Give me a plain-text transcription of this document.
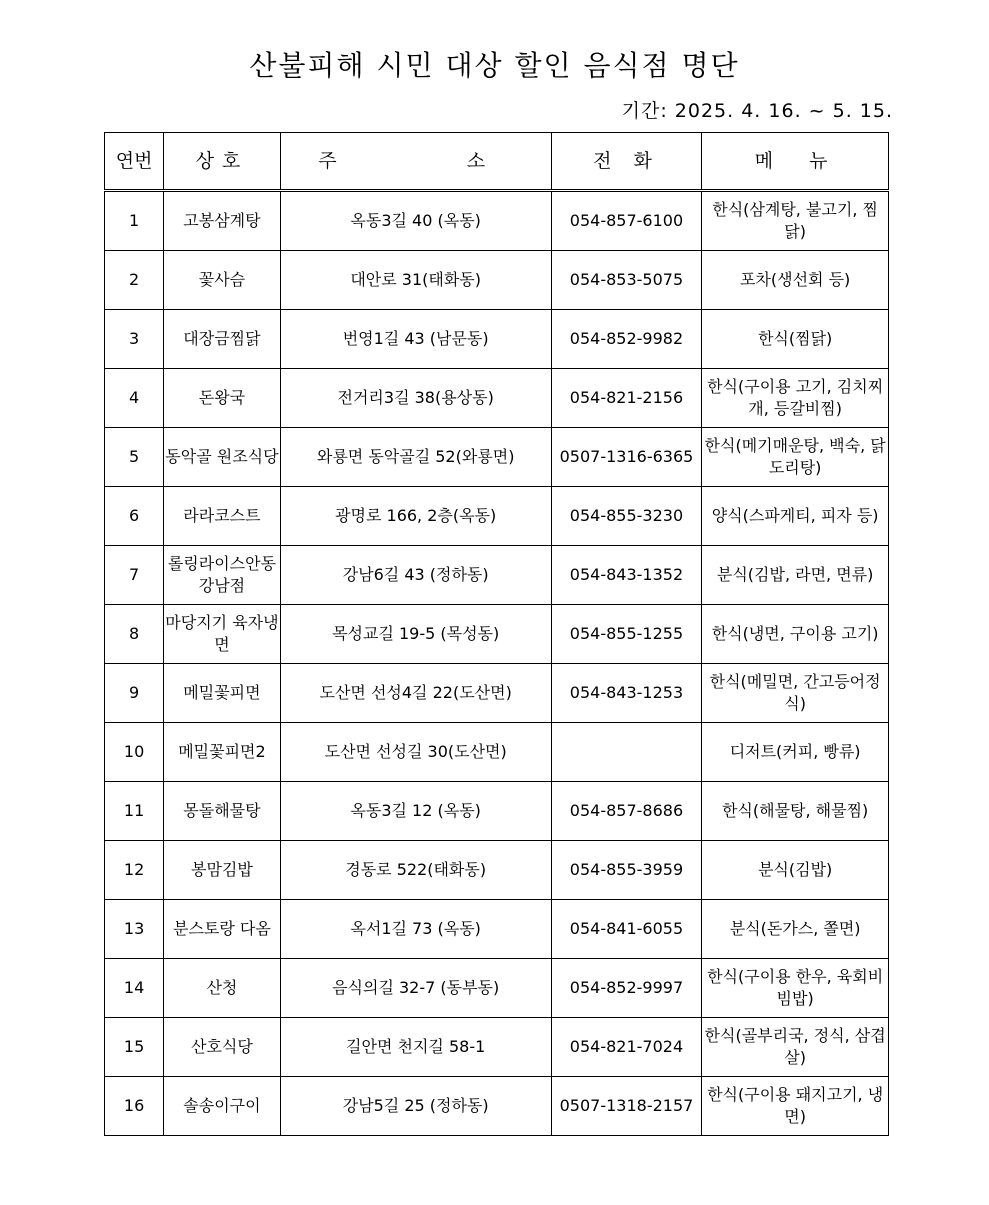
산불피해 시민 대상 할인 음식점 명단
기간: 2025. 4. 16. ~ 5. 15.
연번	상호	주   소	전 화	메  뉴
1	고봉삼계탕	옥동3길 40 (옥동)	054-857-6100	한식(삼계탕, 불고기, 찜닭)
2	꽃사슴	대안로 31(태화동)	054-853-5075	포차(생선회 등)
3	대장금찜닭	번영1길 43 (남문동)	054-852-9982	한식(찜닭)
4	돈왕국	전거리3길 38(용상동)	054-821-2156	한식(구이용 고기, 김치찌개, 등갈비찜)
5	동악골 원조식당	와룡면 동악골길 52(와룡면)	0507-1316-6365	한식(메기매운탕, 백숙, 닭도리탕)
6	라라코스트	광명로 166, 2층(옥동)	054-855-3230	양식(스파게티, 피자 등)
7	롤링라이스안동강남점	강남6길 43 (정하동)	054-843-1352	분식(김밥, 라면, 면류)
8	마당지기 육자냉면	목성교길 19-5 (목성동)	054-855-1255	한식(냉면, 구이용 고기)
9	메밀꽃피면	도산면 선성4길 22(도산면)	054-843-1253	한식(메밀면, 간고등어정식)
10	메밀꽃피면2	도산면 선성길 30(도산면)		디저트(커피, 빵류)
11	몽돌해물탕	옥동3길 12 (옥동)	054-857-8686	한식(해물탕, 해물찜)
12	봉맘김밥	경동로 522(태화동)	054-855-3959	분식(김밥)
13	분스토랑 다옴	옥서1길 73 (옥동)	054-841-6055	분식(돈가스, 쫄면)
14	산청	음식의길 32-7 (동부동)	054-852-9997	한식(구이용 한우, 육회비빔밥)
15	산호식당	길안면 천지길 58-1	054-821-7024	한식(골부리국, 정식, 삼겹살)
16	솔송이구이	강남5길 25 (정하동)	0507-1318-2157	한식(구이용 돼지고기, 냉면)
